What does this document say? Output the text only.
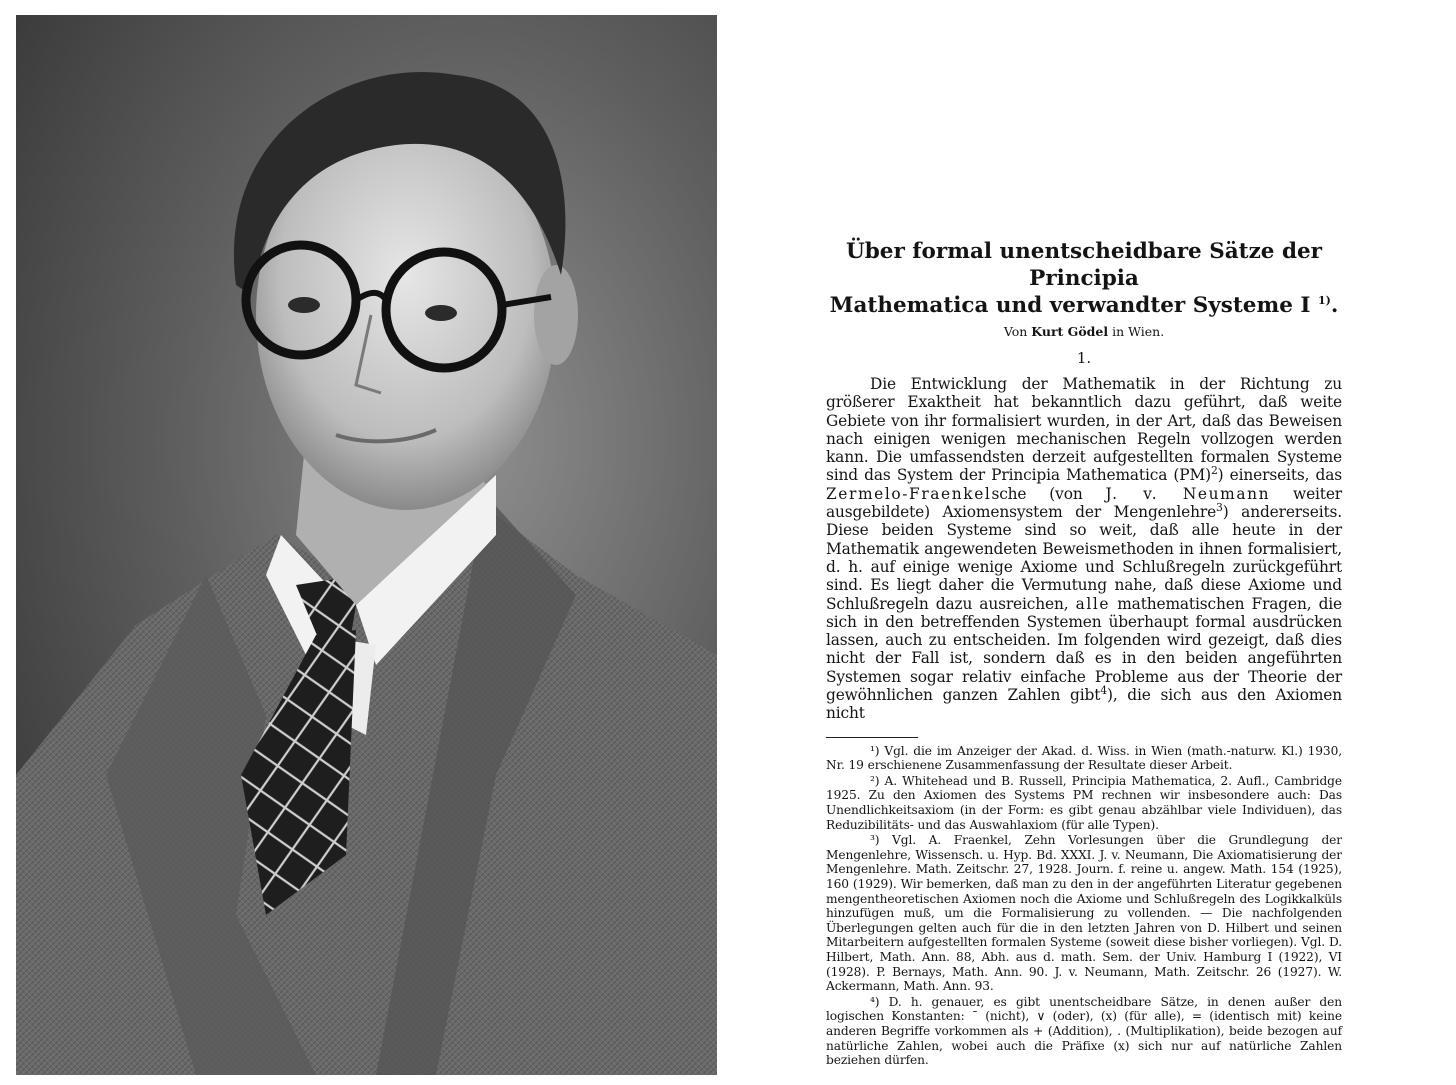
Über formal unentscheidbare Sätze der Principia
Mathematica und verwandter Systeme I $^{1)}$.
Von Kurt Gödel in Wien.
1.

Die Entwicklung der Mathematik in der Richtung zu größerer Exaktheit hat bekanntlich dazu geführt, daß weite Gebiete von ihr formalisiert wurden, in der Art, daß das Beweisen nach einigen wenigen mechanischen Regeln vollzogen werden kann. Die umfassendsten derzeit aufgestellten formalen Systeme sind das System der Principia Mathematica (PM)$^2$) einerseits, das Zermelo-Fraenkelsche (von J. v. Neumann weiter ausgebildete) Axiomensystem der Mengenlehre$^3$) andererseits. Diese beiden Systeme sind so weit, daß alle heute in der Mathematik angewendeten Beweismethoden in ihnen formalisiert, d. h. auf einige wenige Axiome und Schlußregeln zurückgeführt sind. Es liegt daher die Vermutung nahe, daß diese Axiome und Schlußregeln dazu ausreichen, alle mathematischen Fragen, die sich in den betreffenden Systemen überhaupt formal ausdrücken lassen, auch zu entscheiden. Im folgenden wird gezeigt, daß dies nicht der Fall ist, sondern daß es in den beiden angeführten Systemen sogar relativ einfache Probleme aus der Theorie der gewöhnlichen ganzen Zahlen gibt$^4$), die sich aus den Axiomen nicht

¹) Vgl. die im Anzeiger der Akad. d. Wiss. in Wien (math.-naturw. Kl.) 1930, Nr. 19 erschienene Zusammenfassung der Resultate dieser Arbeit.

²) A. Whitehead und B. Russell, Principia Mathematica, 2. Aufl., Cambridge 1925. Zu den Axiomen des Systems PM rechnen wir insbesondere auch: Das Unendlichkeitsaxiom (in der Form: es gibt genau abzählbar viele Individuen), das Reduzibilitäts- und das Auswahlaxiom (für alle Typen).

³) Vgl. A. Fraenkel, Zehn Vorlesungen über die Grundlegung der Mengenlehre, Wissensch. u. Hyp. Bd. XXXI. J. v. Neumann, Die Axiomatisierung der Mengenlehre. Math. Zeitschr. 27, 1928. Journ. f. reine u. angew. Math. 154 (1925), 160 (1929). Wir bemerken, daß man zu den in der angeführten Literatur gegebenen mengentheoretischen Axiomen noch die Axiome und Schlußregeln des Logikkalküls hinzufügen muß, um die Formalisierung zu vollenden. — Die nachfolgenden Überlegungen gelten auch für die in den letzten Jahren von D. Hilbert und seinen Mitarbeitern aufgestellten formalen Systeme (soweit diese bisher vorliegen). Vgl. D. Hilbert, Math. Ann. 88, Abh. aus d. math. Sem. der Univ. Hamburg I (1922), VI (1928). P. Bernays, Math. Ann. 90. J. v. Neumann, Math. Zeitschr. 26 (1927). W. Ackermann, Math. Ann. 93.

⁴) D. h. genauer, es gibt unentscheidbare Sätze, in denen außer den logischen Konstanten: ¯ (nicht), ∨ (oder), (x) (für alle), = (identisch mit) keine anderen Begriffe vorkommen als + (Addition), . (Multiplikation), beide bezogen auf natürliche Zahlen, wobei auch die Präfixe (x) sich nur auf natürliche Zahlen beziehen dürfen.
